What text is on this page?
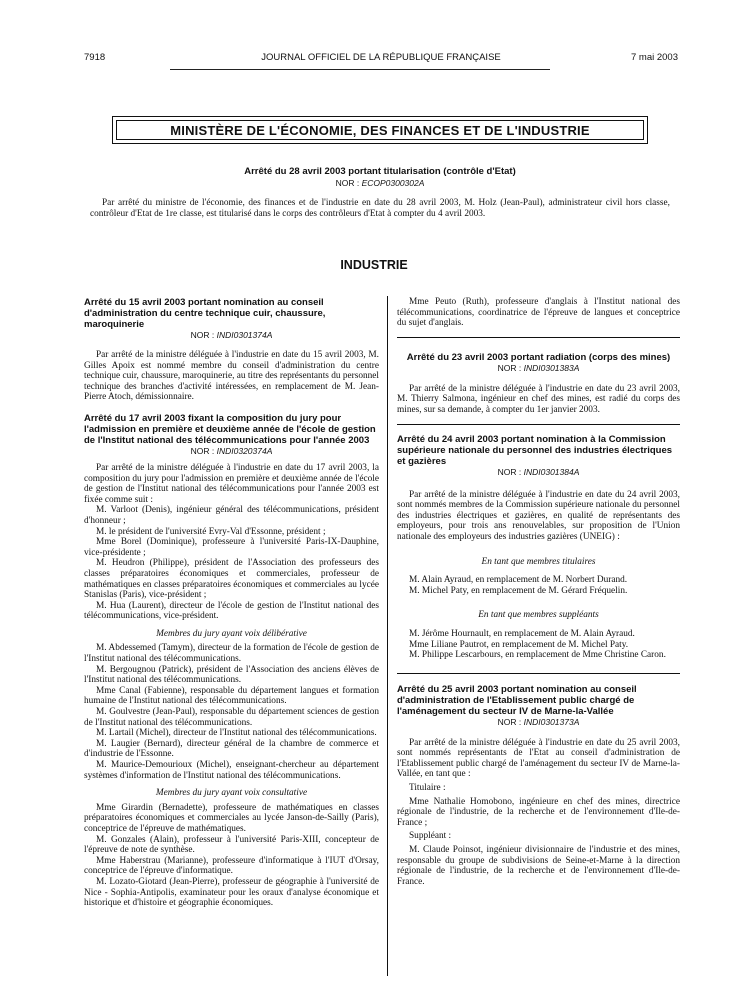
7918	JOURNAL OFFICIEL DE LA RÉPUBLIQUE FRANÇAISE	7 mai 2003
MINISTÈRE DE L'ÉCONOMIE, DES FINANCES ET DE L'INDUSTRIE
Arrêté du 28 avril 2003 portant titularisation (contrôle d'Etat)
NOR : ECOP0300302A

Par arrêté du ministre de l'économie, des finances et de l'industrie en date du 28 avril 2003, M. Holz (Jean-Paul), administrateur civil hors classe, contrôleur d'Etat de 1re classe, est titularisé dans le corps des contrôleurs d'Etat à compter du 4 avril 2003.

INDUSTRIE
Arrêté du 15 avril 2003 portant nomination au conseil d'administration du centre technique cuir, chaussure, maroquinerie
NOR : INDI0301374A

Par arrêté de la ministre déléguée à l'industrie en date du 15 avril 2003, M. Gilles Apoix est nommé membre du conseil d'administration du centre technique cuir, chaussure, maroquinerie, au titre des représentants du personnel technique des branches d'activité intéressées, en remplacement de M. Jean-Pierre Atoch, démissionnaire.

Arrêté du 17 avril 2003 fixant la composition du jury pour l'admission en première et deuxième année de l'école de gestion de l'Institut national des télécommunications pour l'année 2003
NOR : INDI0320374A

Par arrêté de la ministre déléguée à l'industrie en date du 17 avril 2003, la composition du jury pour l'admission en première et deuxième année de l'école de gestion de l'Institut national des télécommunications pour l'année 2003 est fixée comme suit :

M. Varloot (Denis), ingénieur général des télécommunications, président d'honneur ;

M. le président de l'université Evry-Val d'Essonne, président ;

Mme Borel (Dominique), professeure à l'université Paris-IX-Dauphine, vice-présidente ;

M. Heudron (Philippe), président de l'Association des professeurs des classes préparatoires économiques et commerciales, professeur de mathématiques en classes préparatoires économiques et commerciales au lycée Stanislas (Paris), vice-président ;

M. Hua (Laurent), directeur de l'école de gestion de l'Institut national des télécommunications, vice-président.

Membres du jury ayant voix délibérative

M. Abdessemed (Tamym), directeur de la formation de l'école de gestion de l'Institut national des télécommunications.

M. Bergougnou (Patrick), président de l'Association des anciens élèves de l'Institut national des télécommunications.

Mme Canal (Fabienne), responsable du département langues et formation humaine de l'Institut national des télécommunications.

M. Goulvestre (Jean-Paul), responsable du département sciences de gestion de l'Institut national des télécommunications.

M. Lartail (Michel), directeur de l'Institut national des télécommunications.

M. Laugier (Bernard), directeur général de la chambre de commerce et d'industrie de l'Essonne.

M. Maurice-Demourioux (Michel), enseignant-chercheur au département systèmes d'information de l'Institut national des télécommunications.

Membres du jury ayant voix consultative

Mme Girardin (Bernadette), professeure de mathématiques en classes préparatoires économiques et commerciales au lycée Janson-de-Sailly (Paris), conceptrice de l'épreuve de mathématiques.

M. Gonzales (Alain), professeur à l'université Paris-XIII, concepteur de l'épreuve de note de synthèse.

Mme Haberstrau (Marianne), professeure d'informatique à l'IUT d'Orsay, conceptrice de l'épreuve d'informatique.

M. Lozato-Giotard (Jean-Pierre), professeur de géographie à l'université de Nice - Sophia-Antipolis, examinateur pour les oraux d'analyse économique et historique et d'histoire et géographie économiques.

Mme Peuto (Ruth), professeure d'anglais à l'Institut national des télécommunications, coordinatrice de l'épreuve de langues et conceptrice du sujet d'anglais.

Arrêté du 23 avril 2003 portant radiation (corps des mines)
NOR : INDI0301383A

Par arrêté de la ministre déléguée à l'industrie en date du 23 avril 2003, M. Thierry Salmona, ingénieur en chef des mines, est radié du corps des mines, sur sa demande, à compter du 1er janvier 2003.

Arrêté du 24 avril 2003 portant nomination à la Commission supérieure nationale du personnel des industries électriques et gazières
NOR : INDI0301384A

Par arrêté de la ministre déléguée à l'industrie en date du 24 avril 2003, sont nommés membres de la Commission supérieure nationale du personnel des industries électriques et gazières, en qualité de représentants des employeurs, pour trois ans renouvelables, sur proposition de l'Union nationale des employeurs des industries gazières (UNEIG) :

En tant que membres titulaires

M. Alain Ayraud, en remplacement de M. Norbert Durand.

M. Michel Paty, en remplacement de M. Gérard Fréquelin.

En tant que membres suppléants

M. Jérôme Hournault, en remplacement de M. Alain Ayraud.

Mme Liliane Pautrot, en remplacement de M. Michel Paty.

M. Philippe Lescarbours, en remplacement de Mme Christine Caron.

Arrêté du 25 avril 2003 portant nomination au conseil d'administration de l'Etablissement public chargé de l'aménagement du secteur IV de Marne-la-Vallée
NOR : INDI0301373A

Par arrêté de la ministre déléguée à l'industrie en date du 25 avril 2003, sont nommés représentants de l'Etat au conseil d'administration de l'Etablissement public chargé de l'aménagement du secteur IV de Marne-la-Vallée, en tant que :

Titulaire :

Mme Nathalie Homobono, ingénieure en chef des mines, directrice régionale de l'industrie, de la recherche et de l'environnement d'Ile-de-France ;

Suppléant :

M. Claude Poinsot, ingénieur divisionnaire de l'industrie et des mines, responsable du groupe de subdivisions de Seine-et-Marne à la direction régionale de l'industrie, de la recherche et de l'environnement d'Ile-de-France.
